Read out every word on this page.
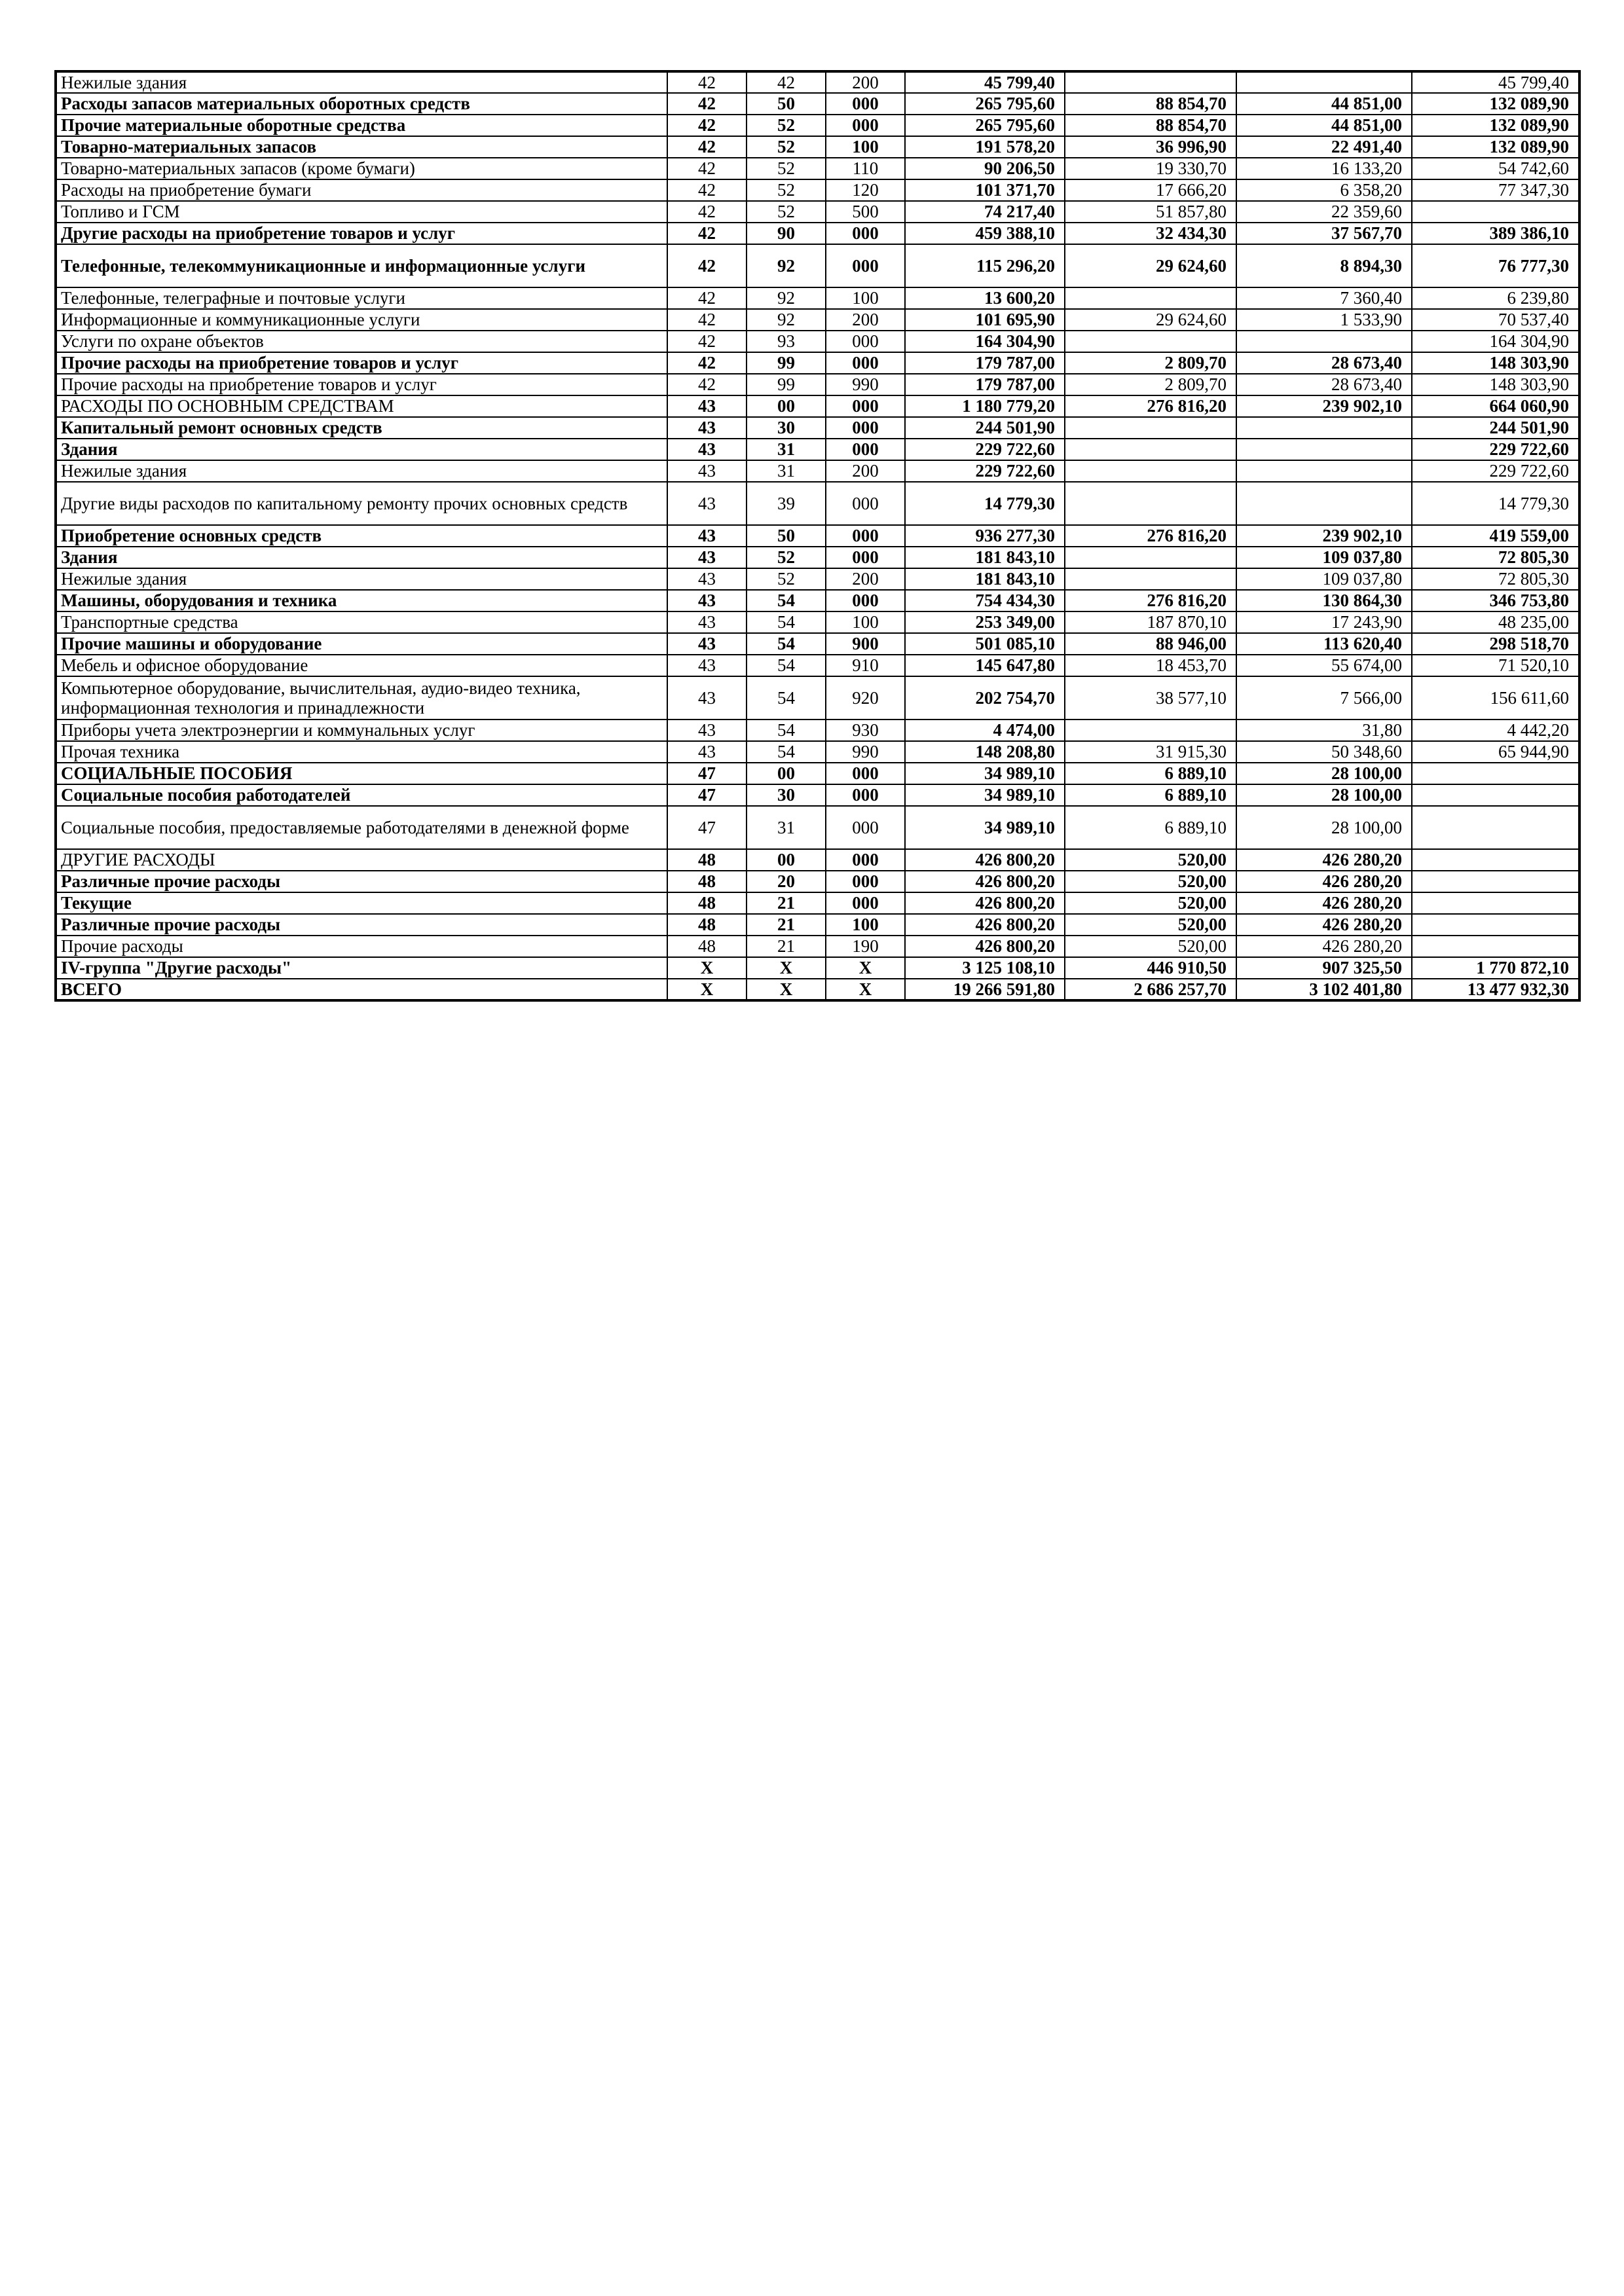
Нежилые здания	42	42	200	45 799,40			45 799,40
Расходы запасов материальных оборотных средств	42	50	000	265 795,60	88 854,70	44 851,00	132 089,90
Прочие материальные оборотные средства	42	52	000	265 795,60	88 854,70	44 851,00	132 089,90
Товарно-материальных запасов	42	52	100	191 578,20	36 996,90	22 491,40	132 089,90
Товарно-материальных запасов (кроме бумаги)	42	52	110	90 206,50	19 330,70	16 133,20	54 742,60
Расходы на приобретение бумаги	42	52	120	101 371,70	17 666,20	6 358,20	77 347,30
Топливо и ГСМ	42	52	500	74 217,40	51 857,80	22 359,60	
Другие расходы на приобретение товаров и услуг	42	90	000	459 388,10	32 434,30	37 567,70	389 386,10
Телефонные, телекоммуникационные и информационные услуги	42	92	000	115 296,20	29 624,60	8 894,30	76 777,30
Телефонные, телеграфные и почтовые услуги	42	92	100	13 600,20		7 360,40	6 239,80
Информационные и коммуникационные услуги	42	92	200	101 695,90	29 624,60	1 533,90	70 537,40
Услуги по охране объектов	42	93	000	164 304,90			164 304,90
Прочие расходы на приобретение товаров и услуг	42	99	000	179 787,00	2 809,70	28 673,40	148 303,90
Прочие расходы на приобретение товаров и услуг	42	99	990	179 787,00	2 809,70	28 673,40	148 303,90
РАСХОДЫ ПО ОСНОВНЫМ СРЕДСТВАМ	43	00	000	1 180 779,20	276 816,20	239 902,10	664 060,90
Капитальный ремонт основных средств	43	30	000	244 501,90			244 501,90
Здания	43	31	000	229 722,60			229 722,60
Нежилые здания	43	31	200	229 722,60			229 722,60
Другие виды расходов по капитальному ремонту прочих основных средств	43	39	000	14 779,30			14 779,30
Приобретение основных средств	43	50	000	936 277,30	276 816,20	239 902,10	419 559,00
Здания	43	52	000	181 843,10		109 037,80	72 805,30
Нежилые здания	43	52	200	181 843,10		109 037,80	72 805,30
Машины, оборудования и техника	43	54	000	754 434,30	276 816,20	130 864,30	346 753,80
Транспортные средства	43	54	100	253 349,00	187 870,10	17 243,90	48 235,00
Прочие машины и оборудование	43	54	900	501 085,10	88 946,00	113 620,40	298 518,70
Мебель и офисное оборудование	43	54	910	145 647,80	18 453,70	55 674,00	71 520,10
Компьютерное оборудование, вычислительная, аудио-видео техника, информационная технология и принадлежности	43	54	920	202 754,70	38 577,10	7 566,00	156 611,60
Приборы учета электроэнергии и коммунальных услуг	43	54	930	4 474,00		31,80	4 442,20
Прочая техника	43	54	990	148 208,80	31 915,30	50 348,60	65 944,90
СОЦИАЛЬНЫЕ ПОСОБИЯ	47	00	000	34 989,10	6 889,10	28 100,00	
Социальные пособия работодателей	47	30	000	34 989,10	6 889,10	28 100,00	
Социальные пособия, предоставляемые работодателями в денежной форме	47	31	000	34 989,10	6 889,10	28 100,00	
ДРУГИЕ РАСХОДЫ	48	00	000	426 800,20	520,00	426 280,20	
Различные прочие расходы	48	20	000	426 800,20	520,00	426 280,20	
Текущие	48	21	000	426 800,20	520,00	426 280,20	
Различные прочие расходы	48	21	100	426 800,20	520,00	426 280,20	
Прочие расходы	48	21	190	426 800,20	520,00	426 280,20	
IV-группа "Другие расходы"	X	X	X	3 125 108,10	446 910,50	907 325,50	1 770 872,10
ВСЕГО	X	X	X	19 266 591,80	2 686 257,70	3 102 401,80	13 477 932,30
